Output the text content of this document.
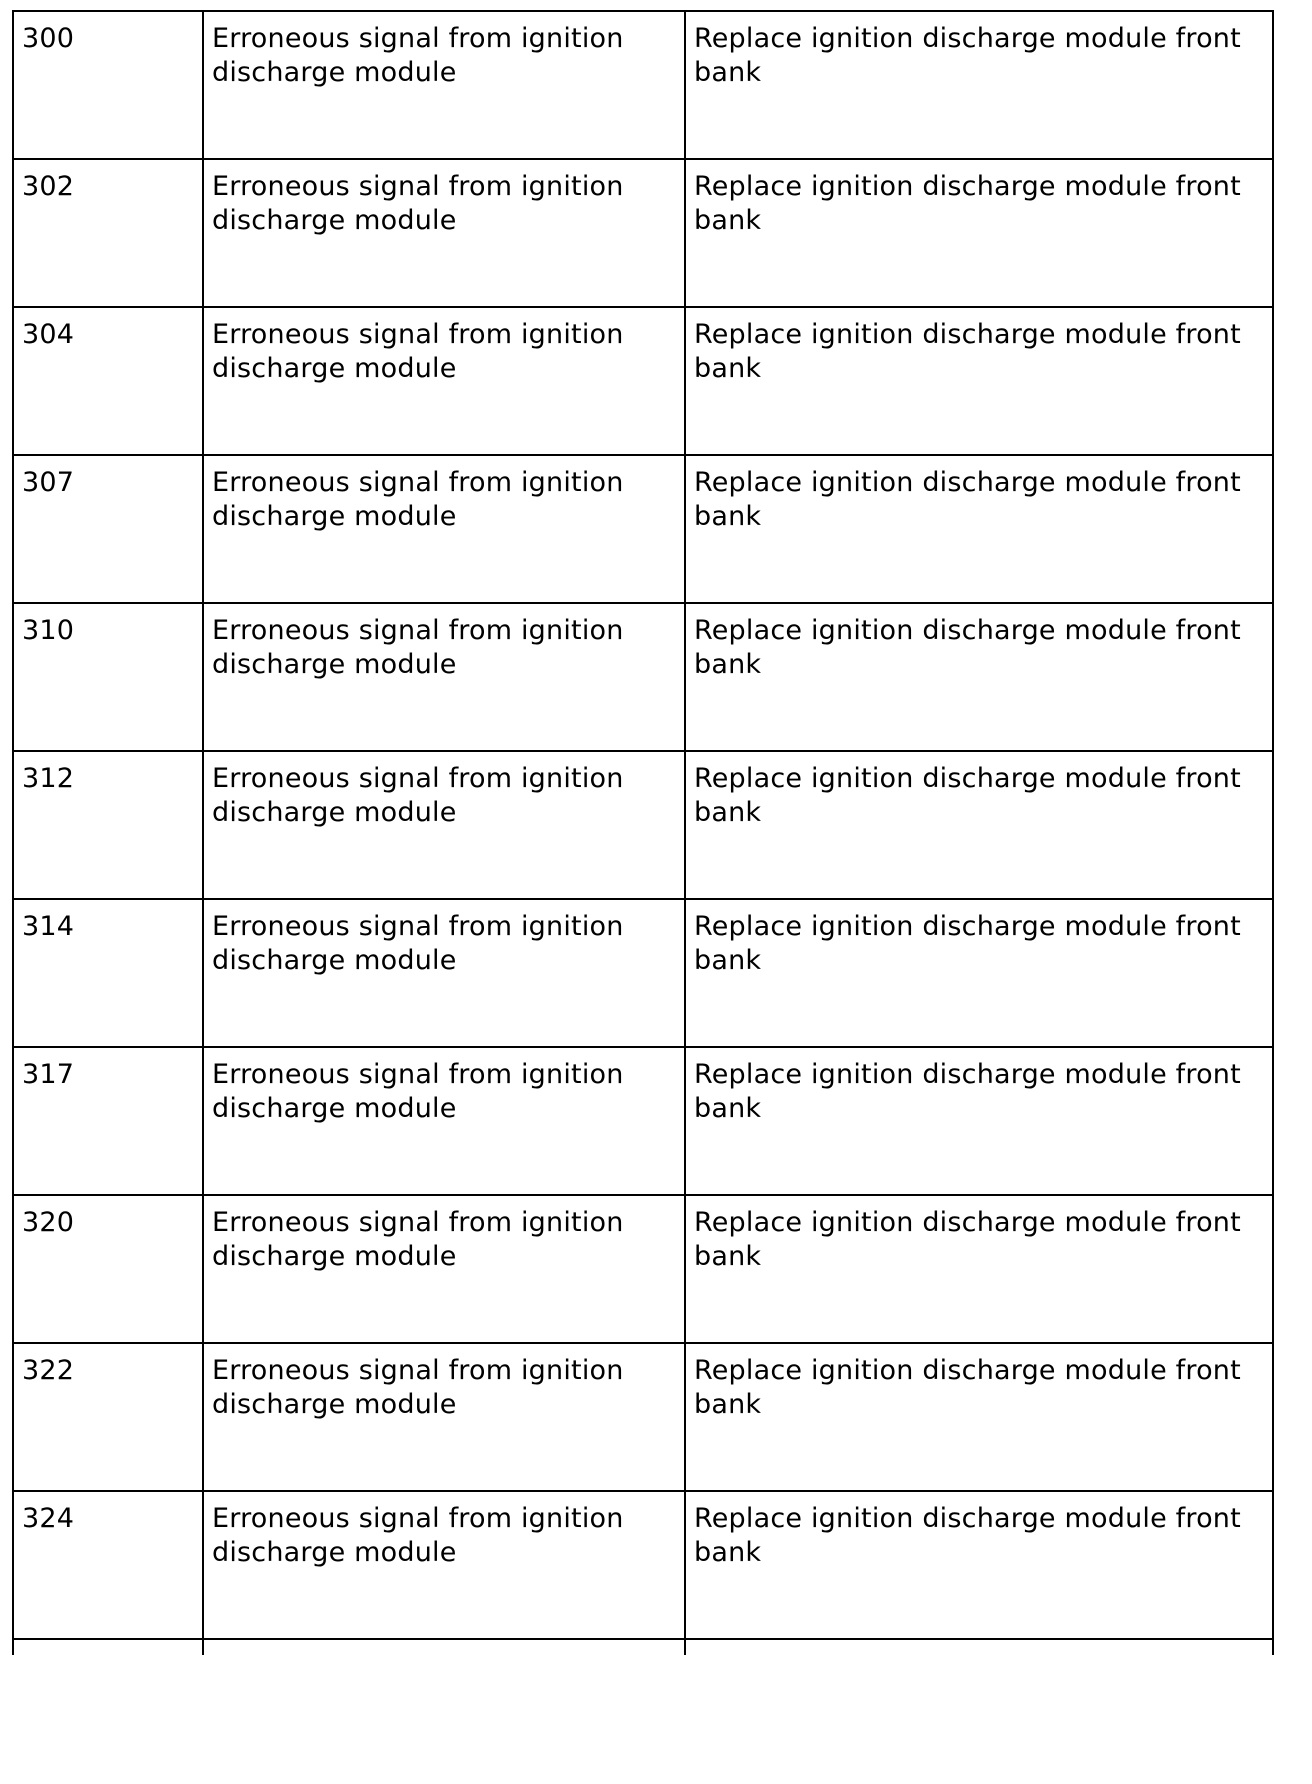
300	Erroneous signal from ignition discharge module	Replace ignition discharge module front bank
302	Erroneous signal from ignition discharge module	Replace ignition discharge module front bank
304	Erroneous signal from ignition discharge module	Replace ignition discharge module front bank
307	Erroneous signal from ignition discharge module	Replace ignition discharge module front bank
310	Erroneous signal from ignition discharge module	Replace ignition discharge module front bank
312	Erroneous signal from ignition discharge module	Replace ignition discharge module front bank
314	Erroneous signal from ignition discharge module	Replace ignition discharge module front bank
317	Erroneous signal from ignition discharge module	Replace ignition discharge module front bank
320	Erroneous signal from ignition discharge module	Replace ignition discharge module front bank
322	Erroneous signal from ignition discharge module	Replace ignition discharge module front bank
324	Erroneous signal from ignition discharge module	Replace ignition discharge module front bank
